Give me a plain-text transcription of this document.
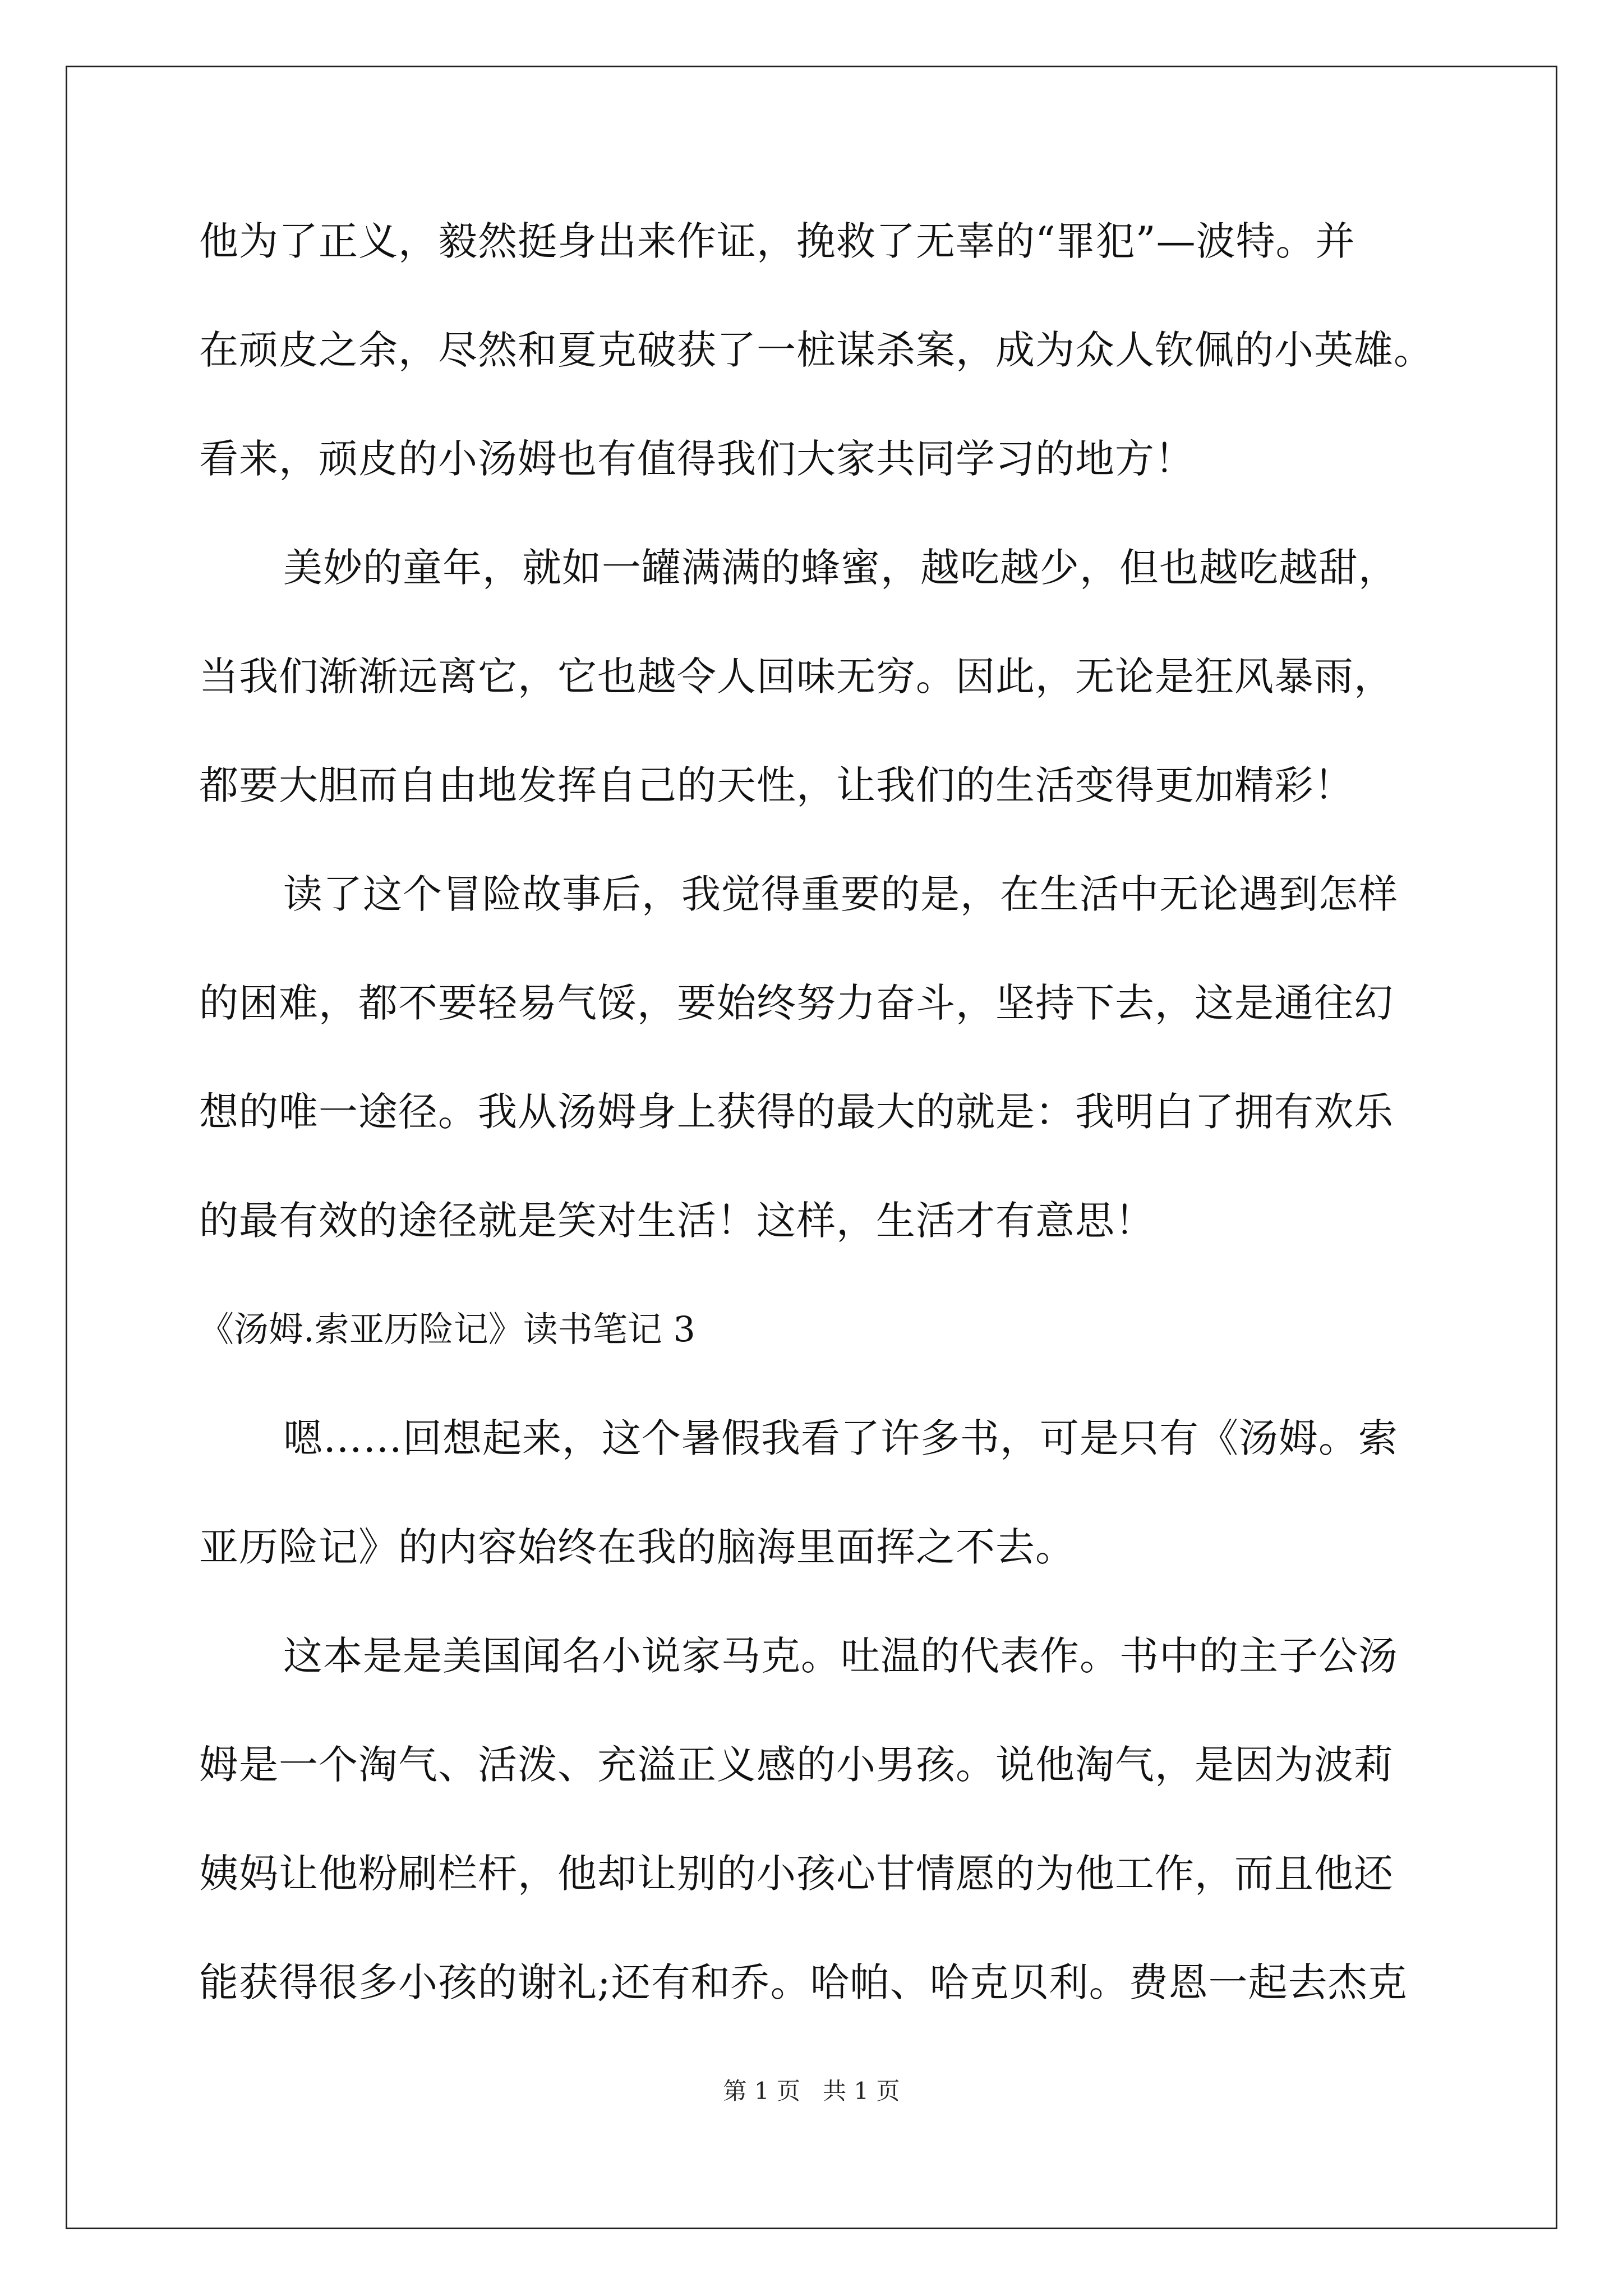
他为了正义，毅然挺身出来作证，挽救了无辜的“罪犯”—波特。并

在顽皮之余，尽然和夏克破获了一桩谋杀案，成为众人钦佩的小英雄。

看来，顽皮的小汤姆也有值得我们大家共同学习的地方！

美妙的童年，就如一罐满满的蜂蜜，越吃越少，但也越吃越甜，

当我们渐渐远离它，它也越令人回味无穷。因此，无论是狂风暴雨，

都要大胆而自由地发挥自己的天性，让我们的生活变得更加精彩！

读了这个冒险故事后，我觉得重要的是，在生活中无论遇到怎样

的困难，都不要轻易气馁，要始终努力奋斗，坚持下去，这是通往幻

想的唯一途径。我从汤姆身上获得的最大的就是：我明白了拥有欢乐

的最有效的途径就是笑对生活！这样，生活才有意思！

《汤姆.索亚历险记》读书笔记 3

嗯……回想起来，这个暑假我看了许多书，可是只有《汤姆。索

亚历险记》的内容始终在我的脑海里面挥之不去。

这本是是美国闻名小说家马克。吐温的代表作。书中的主子公汤

姆是一个淘气、活泼、充溢正义感的小男孩。说他淘气，是因为波莉

姨妈让他粉刷栏杆，他却让别的小孩心甘情愿的为他工作，而且他还

能获得很多小孩的谢礼;还有和乔。哈帕、哈克贝利。费恩一起去杰克

第 1 页 共 1 页
